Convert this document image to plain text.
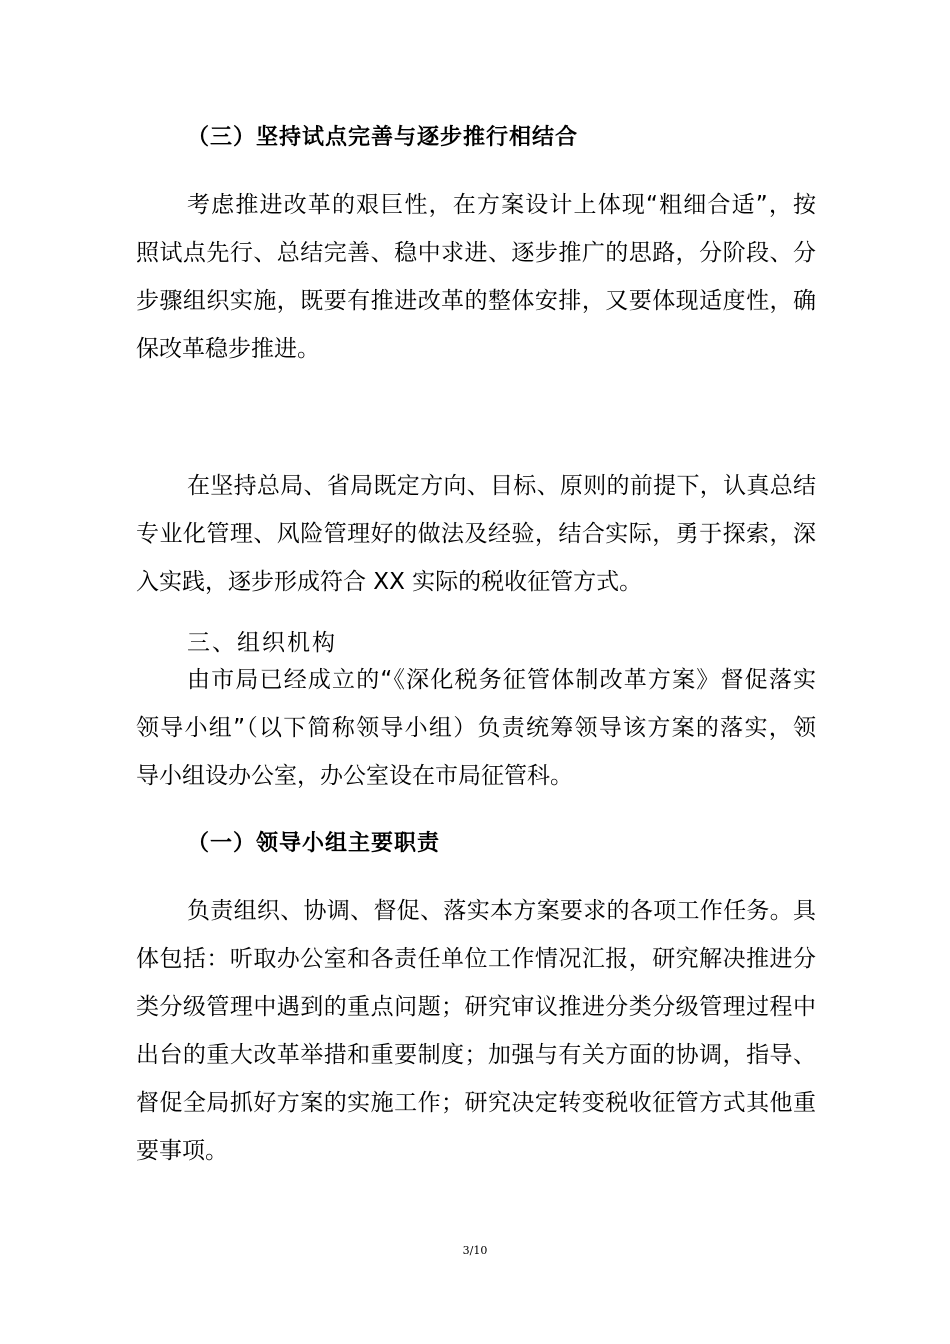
（三）坚持试点完善与逐步推行相结合
考虑推进改革的艰巨性，在方案设计上体现“粗细合适”，按
照试点先行、总结完善、稳中求进、逐步推广的思路，分阶段、分
步骤组织实施，既要有推进改革的整体安排，又要体现适度性，确
保改革稳步推进。
在坚持总局、省局既定方向、目标、原则的前提下，认真总结
专业化管理、风险管理好的做法及经验，结合实际，勇于探索，深
入实践，逐步形成符合 XX 实际的税收征管方式。
三、组织机构
由市局已经成立的“《深化税务征管体制改革方案》督促落实
领导小组”（以下简称领导小组）负责统筹领导该方案的落实，领
导小组设办公室，办公室设在市局征管科。
（一）领导小组主要职责
负责组织、协调、督促、落实本方案要求的各项工作任务。具
体包括：听取办公室和各责任单位工作情况汇报，研究解决推进分
类分级管理中遇到的重点问题；研究审议推进分类分级管理过程中
出台的重大改革举措和重要制度；加强与有关方面的协调，指导、
督促全局抓好方案的实施工作；研究决定转变税收征管方式其他重
要事项。
3/10
